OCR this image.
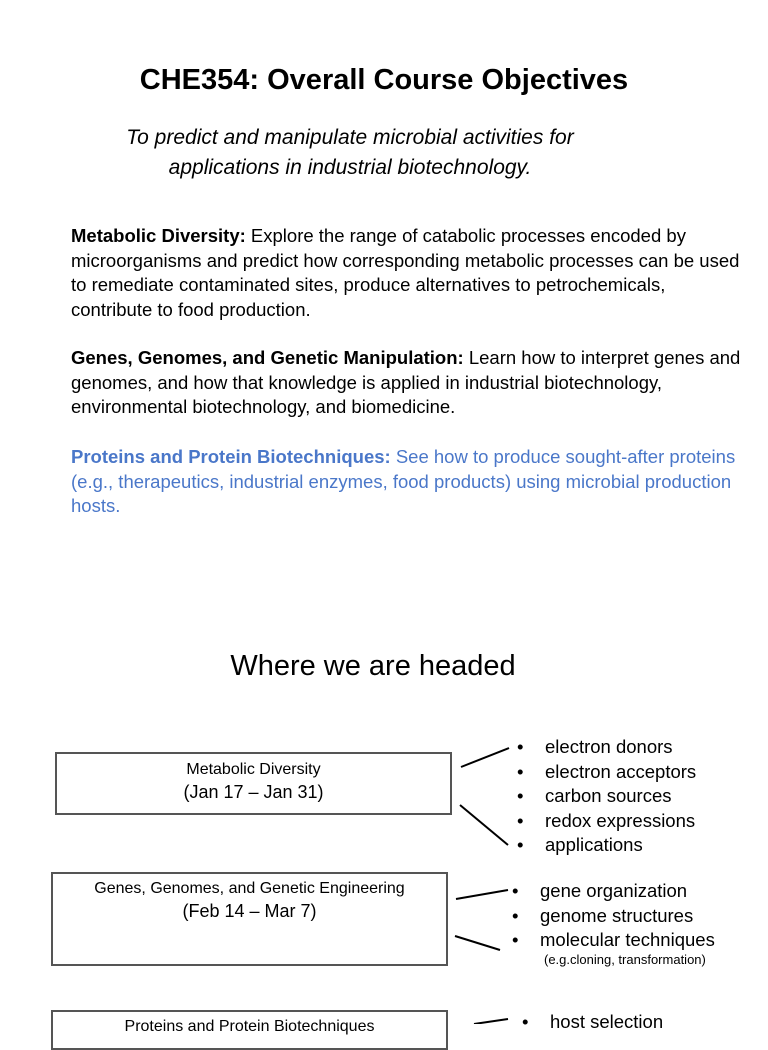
CHE354: Overall Course Objectives
To predict and manipulate microbial activities for
applications in industrial biotechnology.
Metabolic Diversity: Explore the range of catabolic processes encoded by microorganisms and predict how corresponding metabolic processes can be used to remediate contaminated sites, produce alternatives to petrochemicals, contribute to food production.
Genes, Genomes, and Genetic Manipulation: Learn how to interpret genes and genomes, and how that knowledge is applied in industrial biotechnology, environmental biotechnology, and biomedicine.
Proteins and Protein Biotechniques: See how to produce sought-after proteins (e.g., therapeutics, industrial enzymes, food products) using microbial production hosts.
Where we are headed
Metabolic Diversity
(Jan 17 – Jan 31)
Genes, Genomes, and Genetic Engineering
(Feb 14 – Mar 7)
Proteins and Protein Biotechniques
• electron donors
• electron acceptors
• carbon sources
• redox expressions
• applications
• gene organization
• genome structures
• molecular techniques
(e.g.cloning, transformation)
• host selection
